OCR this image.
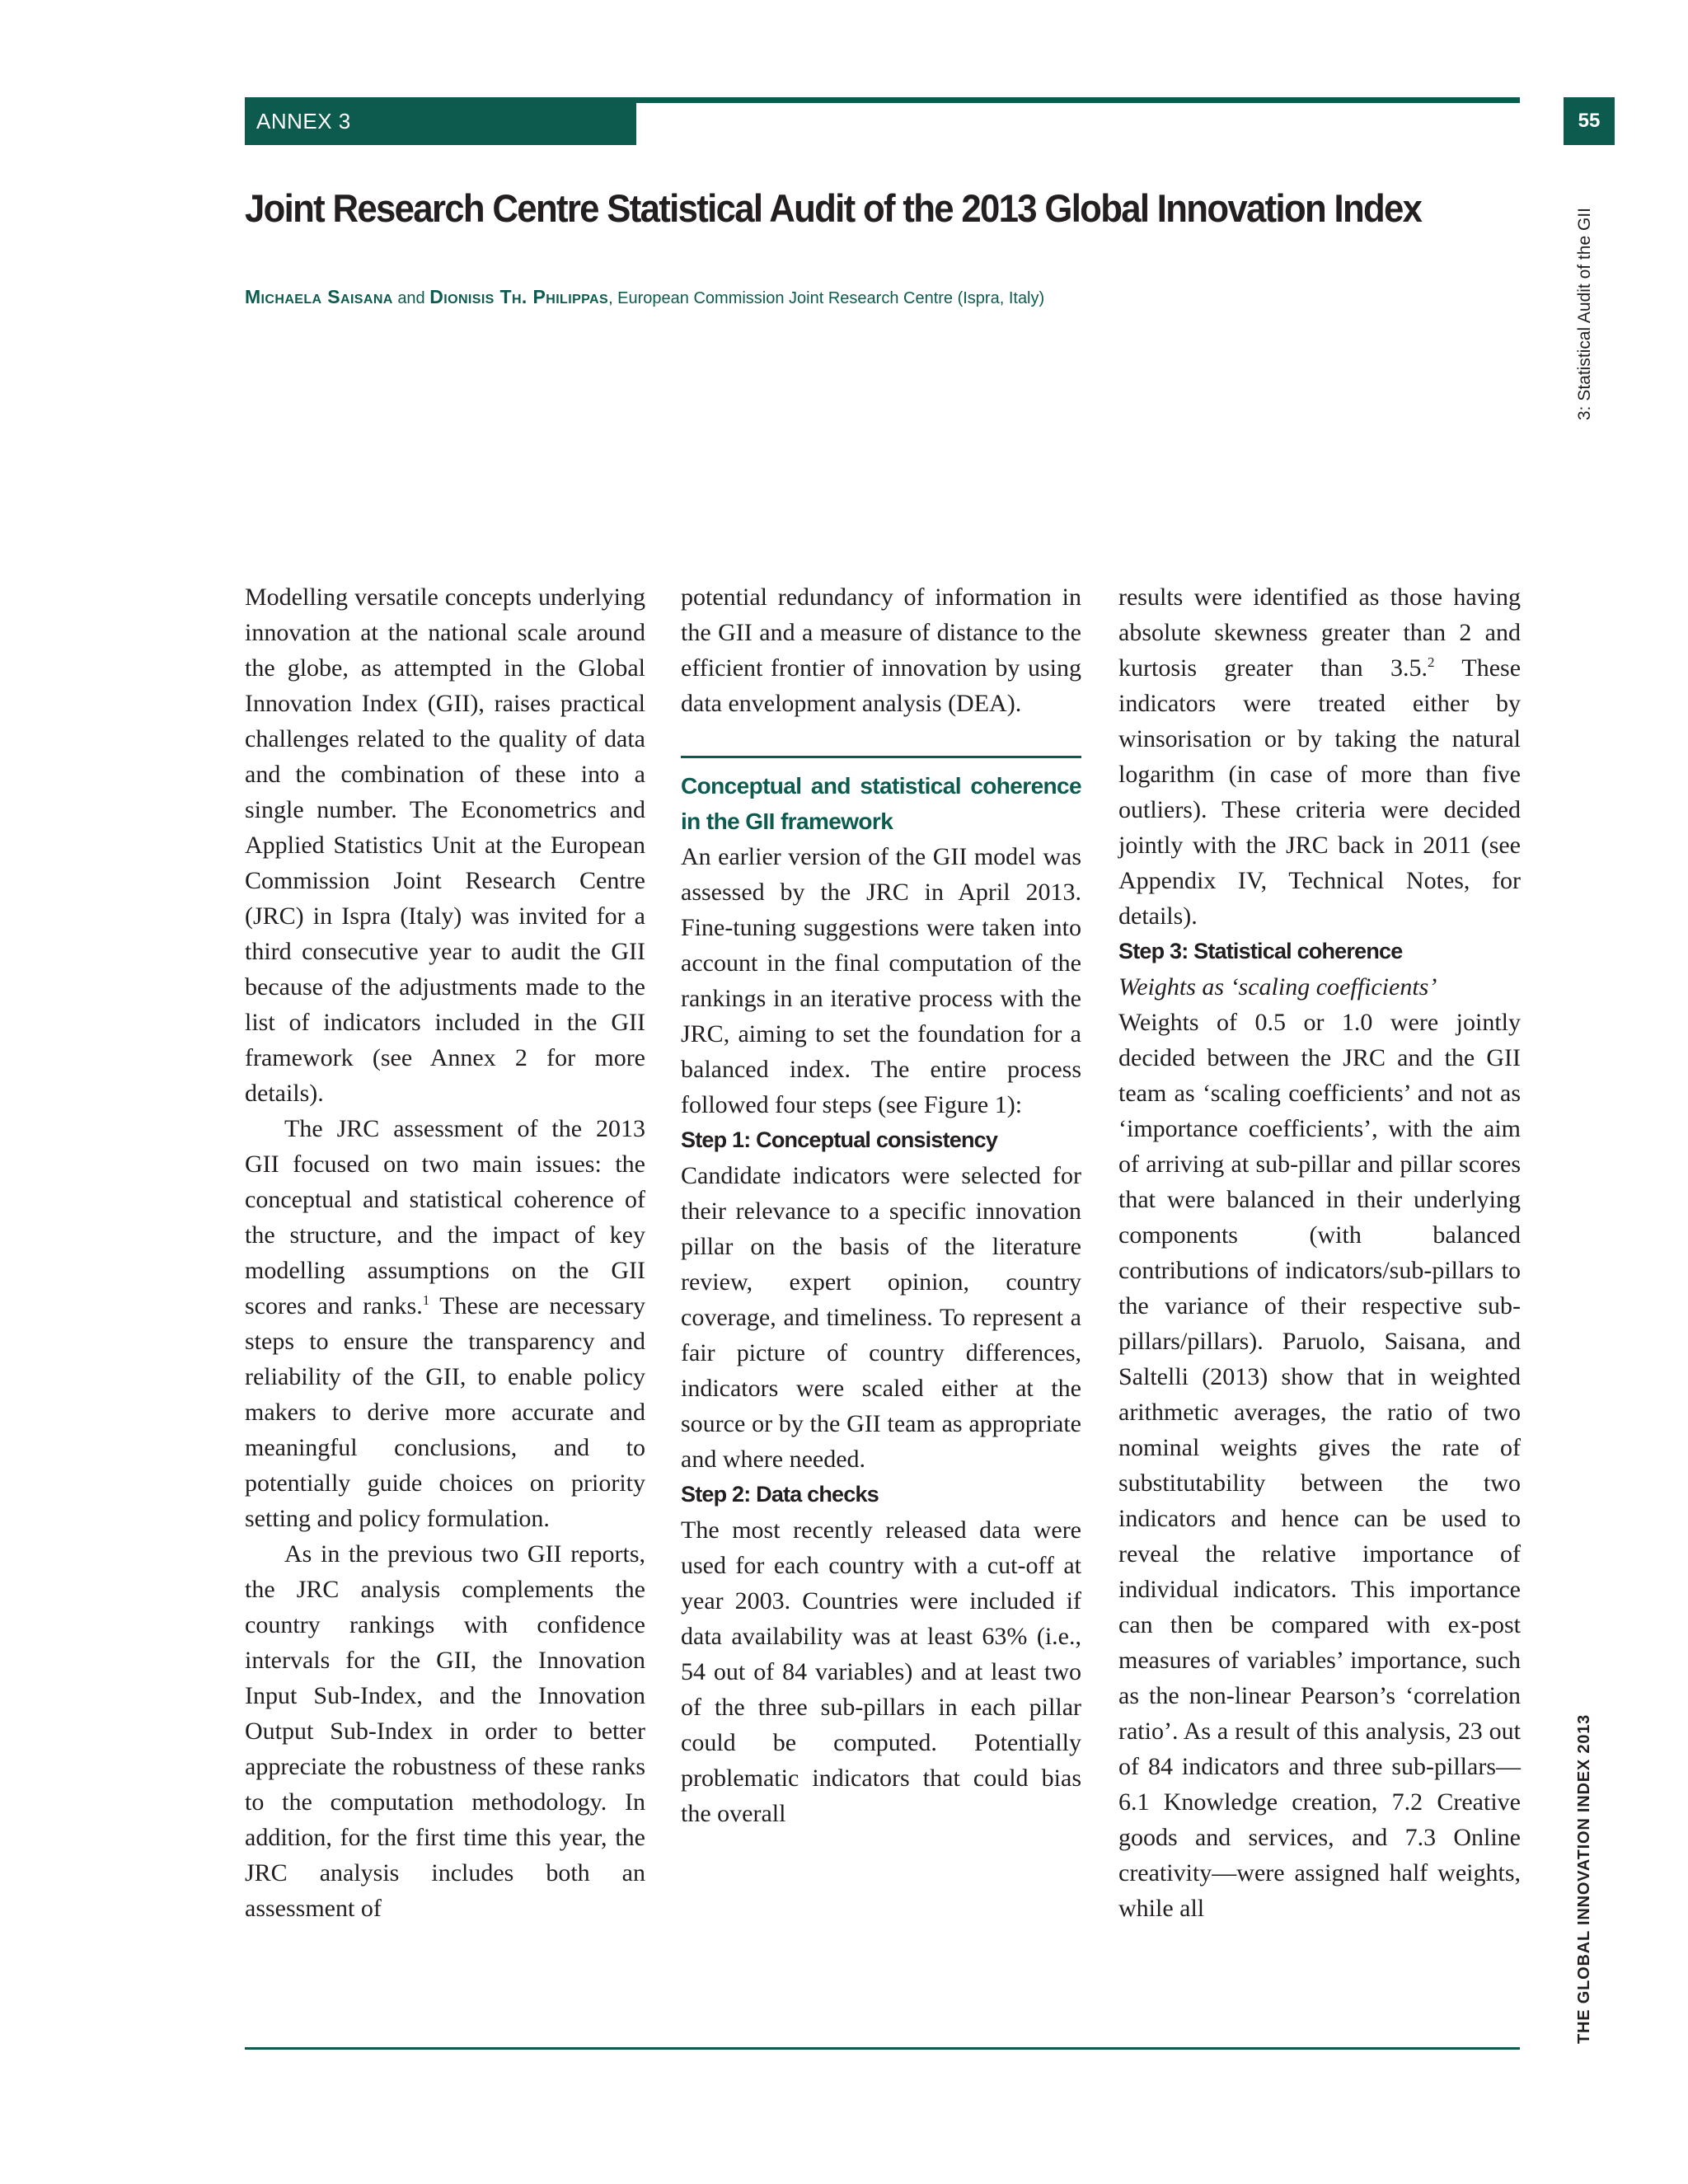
ANNEX 3	55
Joint Research Centre Statistical Audit of the 2013 Global Innovation Index
Michaela Saisana and Dionisis Th. Philippas, European Commission Joint Research Centre (Ispra, Italy)	3: Statistical Audit of the GII
THE GLOBAL INNOVATION INDEX 2013

Modelling versatile concepts underlying innovation at the national scale around the globe, as attempted in the Global Innovation Index (GII), raises practical challenges related to the quality of data and the combination of these into a single number. The Econometrics and Applied Statistics Unit at the European Commission Joint Research Centre (JRC) in Ispra (Italy) was invited for a third consecutive year to audit the GII because of the adjustments made to the list of indicators included in the GII framework (see Annex 2 for more details).

The JRC assessment of the 2013 GII focused on two main issues: the conceptual and statistical coherence of the structure, and the impact of key modelling assumptions on the GII scores and ranks.$^1$ These are necessary steps to ensure the transparency and reliability of the GII, to enable policy makers to derive more accurate and meaningful conclusions, and to potentially guide choices on priority setting and policy formulation.

As in the previous two GII reports, the JRC analysis complements the country rankings with confidence intervals for the GII, the Innovation Input Sub-Index, and the Innovation Output Sub-Index in order to better appreciate the robustness of these ranks to the computation methodology. In addition, for the first time this year, the JRC analysis includes both an assessment of

potential redundancy of information in the GII and a measure of distance to the efficient frontier of innovation by using data envelopment analysis (DEA).

Conceptual and statistical coherence in the GII framework

An earlier version of the GII model was assessed by the JRC in April 2013. Fine-tuning suggestions were taken into account in the final computation of the rankings in an iterative process with the JRC, aiming to set the foundation for a balanced index. The entire process followed four steps (see Figure 1):

Step 1: Conceptual consistency

Candidate indicators were selected for their relevance to a specific innovation pillar on the basis of the literature review, expert opinion, country coverage, and timeliness. To represent a fair picture of country differences, indicators were scaled either at the source or by the GII team as appropriate and where needed.

Step 2: Data checks

The most recently released data were used for each country with a cut-off at year 2003. Countries were included if data availability was at least 63% (i.e., 54 out of 84 variables) and at least two of the three sub-pillars in each pillar could be computed. Potentially problematic indicators that could bias the overall

results were identified as those having absolute skewness greater than 2 and kurtosis greater than 3.5.$^2$ These indicators were treated either by winsorisation or by taking the natural logarithm (in case of more than five outliers). These criteria were decided jointly with the JRC back in 2011 (see Appendix IV, Technical Notes, for details).

Step 3: Statistical coherence

Weights as ‘scaling coefficients’

Weights of 0.5 or 1.0 were jointly decided between the JRC and the GII team as ‘scaling coefficients’ and not as ‘importance coefficients’, with the aim of arriving at sub-pillar and pillar scores that were balanced in their underlying components (with balanced contributions of indicators/sub-pillars to the variance of their respective sub-pillars/pillars). Paruolo, Saisana, and Saltelli (2013) show that in weighted arithmetic averages, the ratio of two nominal weights gives the rate of substitutability between the two indicators and hence can be used to reveal the relative importance of individual indicators. This importance can then be compared with ex-post measures of variables’ importance, such as the non-linear Pearson’s ‘correlation ratio’. As a result of this analysis, 23 out of 84 indicators and three sub-pillars—6.1 Knowledge creation, 7.2 Creative goods and services, and 7.3 Online creativity—were assigned half weights, while all
